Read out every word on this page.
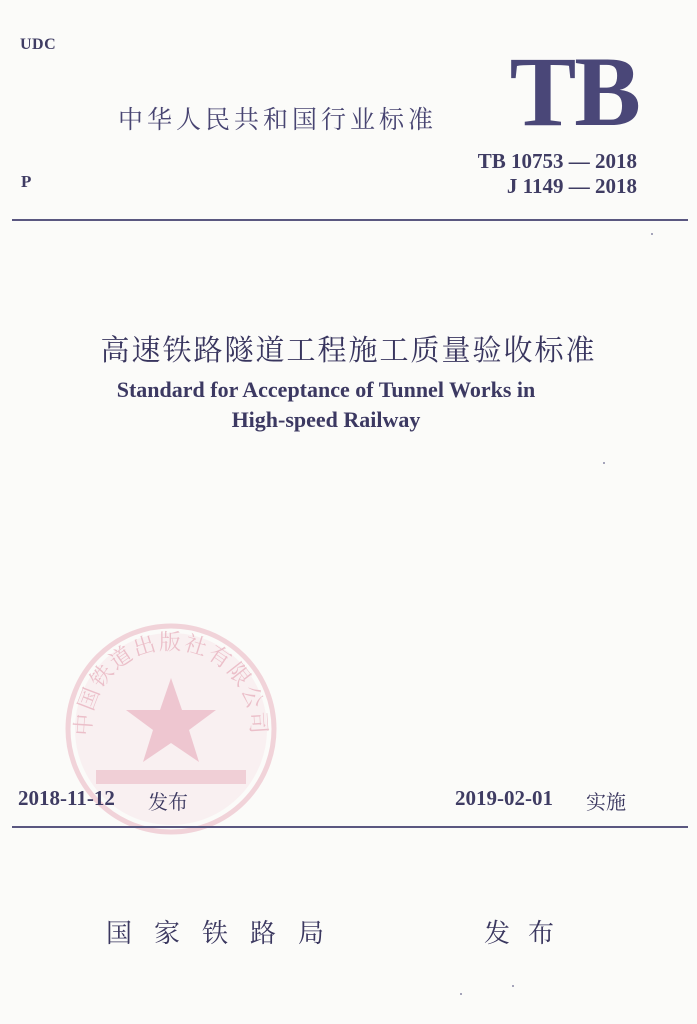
UDC
P
中华人民共和国行业标准 TB
TB 10753 — 2018
J 1149 — 2018
高速铁路隧道工程施工质量验收标准
Standard for Acceptance of Tunnel Works in
High-speed Railway
中国铁道出版社有限公司
2018-11-12 发布	2019-02-01 实施
国家铁路局	发布
